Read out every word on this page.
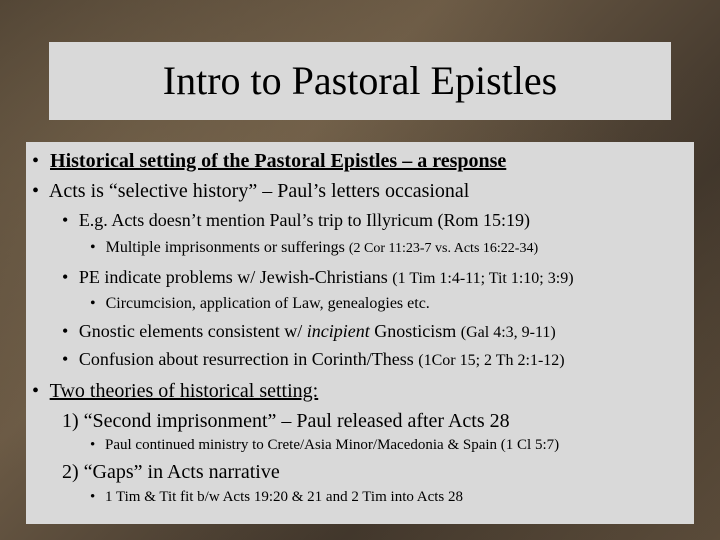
Intro to Pastoral Epistles
• Historical setting of the Pastoral Epistles – a response
• Acts is “selective history” – Paul’s letters occasional
• E.g. Acts doesn’t mention Paul’s trip to Illyricum (Rom 15:19)
• Multiple imprisonments or sufferings (2 Cor 11:23-7 vs. Acts 16:22-34)
• PE indicate problems w/ Jewish-Christians (1 Tim 1:4-11; Tit 1:10; 3:9)
• Circumcision, application of Law, genealogies etc.
• Gnostic elements consistent w/ incipient Gnosticism (Gal 4:3, 9-11)
• Confusion about resurrection in Corinth/Thess (1Cor 15; 2 Th 2:1-12)
• Two theories of historical setting:
1) “Second imprisonment” – Paul released after Acts 28
• Paul continued ministry to Crete/Asia Minor/Macedonia & Spain (1 Cl 5:7)
2) “Gaps” in Acts narrative
• 1 Tim & Tit fit b/w Acts 19:20 & 21 and 2 Tim into Acts 28
